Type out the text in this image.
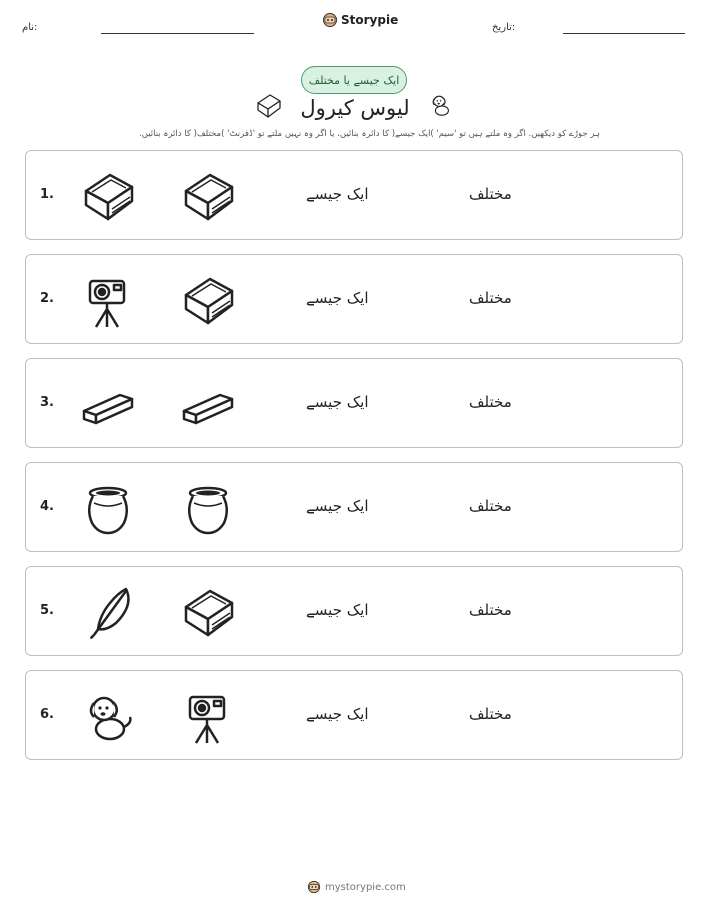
نام:
Storypie
تاریخ:
ایک جیسے یا مختلف
لیوس کیرول
ہر جوڑے کو دیکھیں. اگر وہ ملتے ہیں تو 'سیم' )ایک جیسے( کا دائرہ بنائیں. یا اگر وہ نہیں ملتے تو 'ڈفرنٹ' )مختلف( کا دائرہ بنائیں.
1.	ایک جیسے	مختلف
2.	ایک جیسے	مختلف
3.	ایک جیسے	مختلف
4.	ایک جیسے	مختلف
5.	ایک جیسے	مختلف
6.	ایک جیسے	مختلف
mystorypie.com
